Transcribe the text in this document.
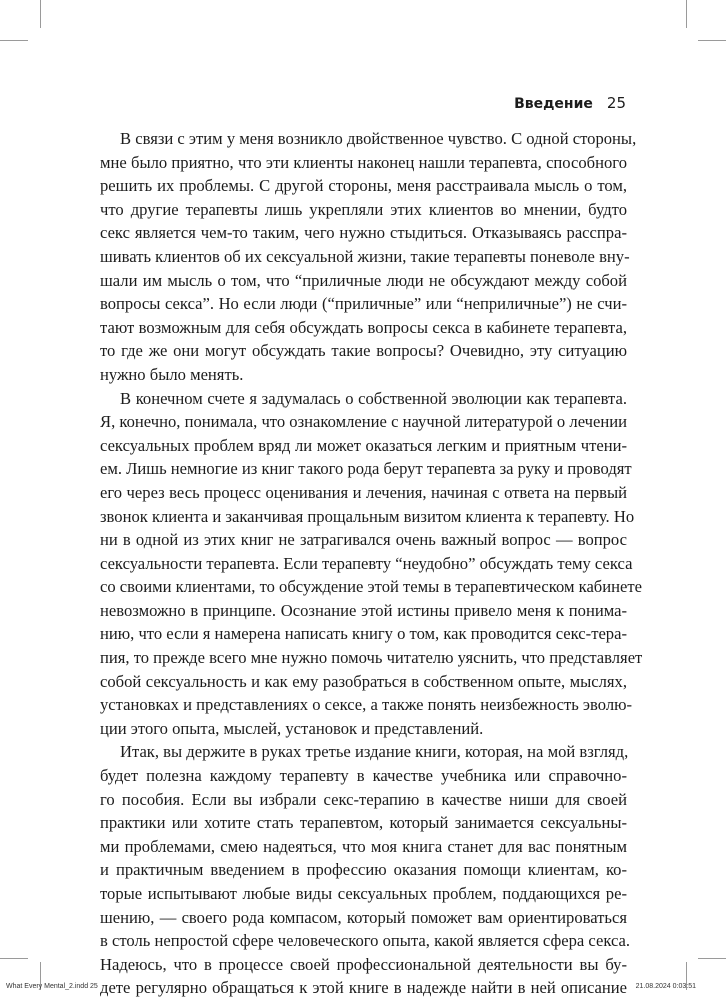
Введение 25

В связи с этим у меня возникло двойственное чувство. С одной стороны,
мне было приятно, что эти клиенты наконец нашли терапевта, способного
решить их проблемы. С другой стороны, меня расстраивала мысль о том,
что другие терапевты лишь укрепляли этих клиентов во мнении, будто
секс является чем-то таким, чего нужно стыдиться. Отказываясь расспра-
шивать клиентов об их сексуальной жизни, такие терапевты поневоле вну-
шали им мысль о том, что “приличные люди не обсуждают между собой
вопросы секса”. Но если люди (“приличные” или “неприличные”) не счи-
тают возможным для себя обсуждать вопросы секса в кабинете терапевта,
то где же они могут обсуждать такие вопросы? Очевидно, эту ситуацию
нужно было менять.

В конечном счете я задумалась о собственной эволюции как терапевта.
Я, конечно, понимала, что ознакомление с научной литературой о лечении
сексуальных проблем вряд ли может оказаться легким и приятным чтени-
ем. Лишь немногие из книг такого рода берут терапевта за руку и проводят
его через весь процесс оценивания и лечения, начиная с ответа на первый
звонок клиента и заканчивая прощальным визитом клиента к терапевту. Но
ни в одной из этих книг не затрагивался очень важный вопрос — вопрос
сексуальности терапевта. Если терапевту “неудобно” обсуждать тему секса
со своими клиентами, то обсуждение этой темы в терапевтическом кабинете
невозможно в принципе. Осознание этой истины привело меня к понима-
нию, что если я намерена написать книгу о том, как проводится секс-тера-
пия, то прежде всего мне нужно помочь читателю уяснить, что представляет
собой сексуальность и как ему разобраться в собственном опыте, мыслях,
установках и представлениях о сексе, а также понять неизбежность эволю-
ции этого опыта, мыслей, установок и представлений.

Итак, вы держите в руках третье издание книги, которая, на мой взгляд,
будет полезна каждому терапевту в качестве учебника или справочно-
го пособия. Если вы избрали секс-терапию в качестве ниши для своей
практики или хотите стать терапевтом, который занимается сексуальны-
ми проблемами, смею надеяться, что моя книга станет для вас понятным
и практичным введением в профессию оказания помощи клиентам, ко-
торые испытывают любые виды сексуальных проблем, поддающихся ре-
шению, — своего рода компасом, который поможет вам ориентироваться
в столь непростой сфере человеческого опыта, какой является сфера секса.
Надеюсь, что в процессе своей профессиональной деятельности вы бу-
дете регулярно обращаться к этой книге в надежде найти в ней описание

What Every Mental_2.indd 25	21.08.2024 0:03:51
